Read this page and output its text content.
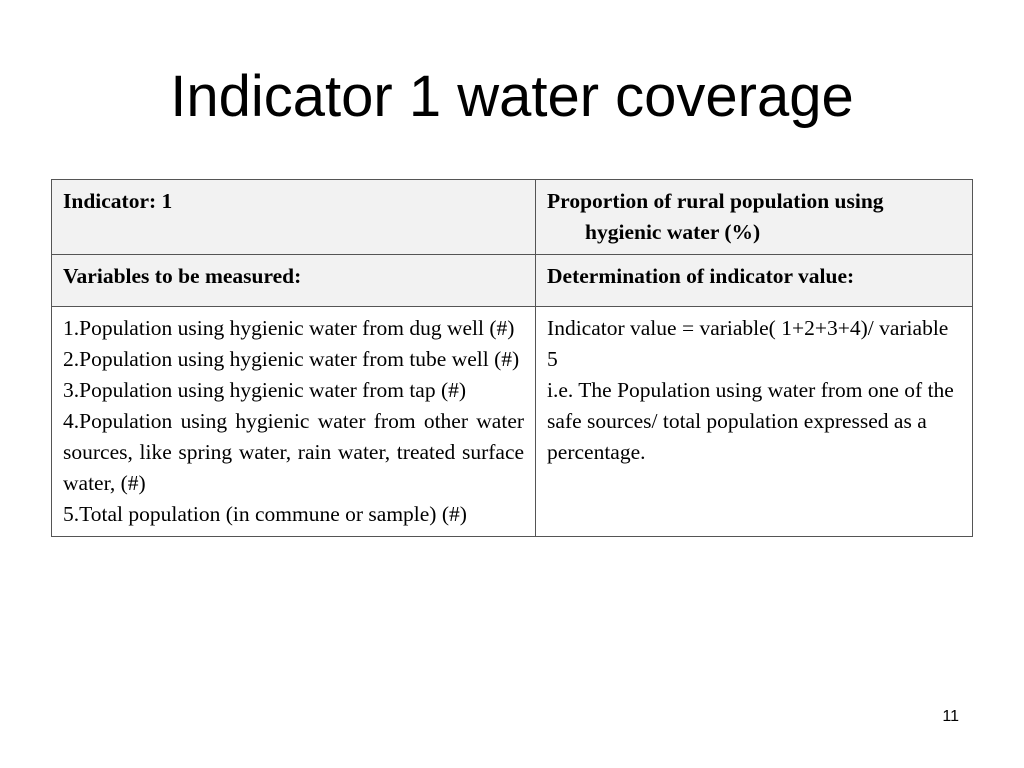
Indicator 1 water coverage
Indicator: 1	Proportion of rural population using hygienic water (%)

Variables to be measured:	Determination of indicator value:

1.Population using hygienic water from dug well (#)
2.Population using hygienic water from tube well (#)
3.Population using hygienic water from tap (#)
4.Population using hygienic water from other water sources, like spring water, rain water, treated surface water, (#)
5.Total population (in commune or sample) (#)	Indicator value = variable( 1+2+3+4)/ variable 5
i.e. The Population using water from one of the safe sources/ total population expressed as a percentage.
11
